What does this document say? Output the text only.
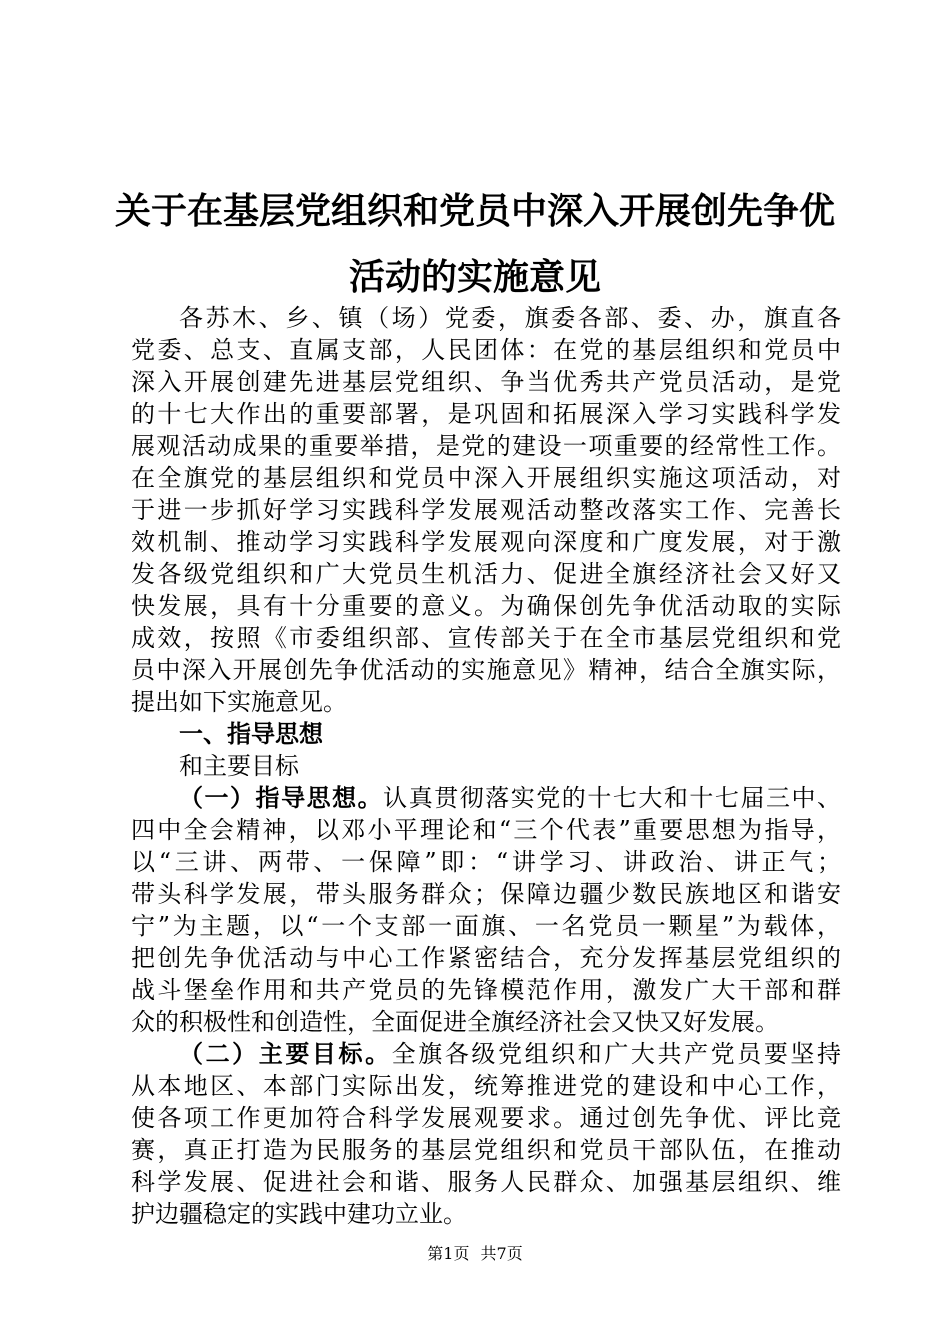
关于在基层党组织和党员中深入开展创先争优
活动的实施意见
各苏木、乡、镇（场）党委，旗委各部、委、办，旗直各
党委、总支、直属支部，人民团体：在党的基层组织和党员中
深入开展创建先进基层党组织、争当优秀共产党员活动，是党
的十七大作出的重要部署，是巩固和拓展深入学习实践科学发
展观活动成果的重要举措，是党的建设一项重要的经常性工作。
在全旗党的基层组织和党员中深入开展组织实施这项活动，对
于进一步抓好学习实践科学发展观活动整改落实工作、完善长
效机制、推动学习实践科学发展观向深度和广度发展，对于激
发各级党组织和广大党员生机活力、促进全旗经济社会又好又
快发展，具有十分重要的意义。为确保创先争优活动取的实际
成效，按照《市委组织部、宣传部关于在全市基层党组织和党
员中深入开展创先争优活动的实施意见》精神，结合全旗实际，
提出如下实施意见。
一、指导思想
和主要目标
（一）指导思想。认真贯彻落实党的十七大和十七届三中、
四中全会精神，以邓小平理论和“三个代表”重要思想为指导，
以“三讲、两带、一保障”即：“讲学习、讲政治、讲正气；
带头科学发展，带头服务群众；保障边疆少数民族地区和谐安
宁”为主题，以“一个支部一面旗、一名党员一颗星”为载体，
把创先争优活动与中心工作紧密结合，充分发挥基层党组织的
战斗堡垒作用和共产党员的先锋模范作用，激发广大干部和群
众的积极性和创造性，全面促进全旗经济社会又快又好发展。
（二）主要目标。全旗各级党组织和广大共产党员要坚持
从本地区、本部门实际出发，统筹推进党的建设和中心工作，
使各项工作更加符合科学发展观要求。通过创先争优、评比竞
赛，真正打造为民服务的基层党组织和党员干部队伍，在推动
科学发展、促进社会和谐、服务人民群众、加强基层组织、维
护边疆稳定的实践中建功立业。
第1页 共7页
